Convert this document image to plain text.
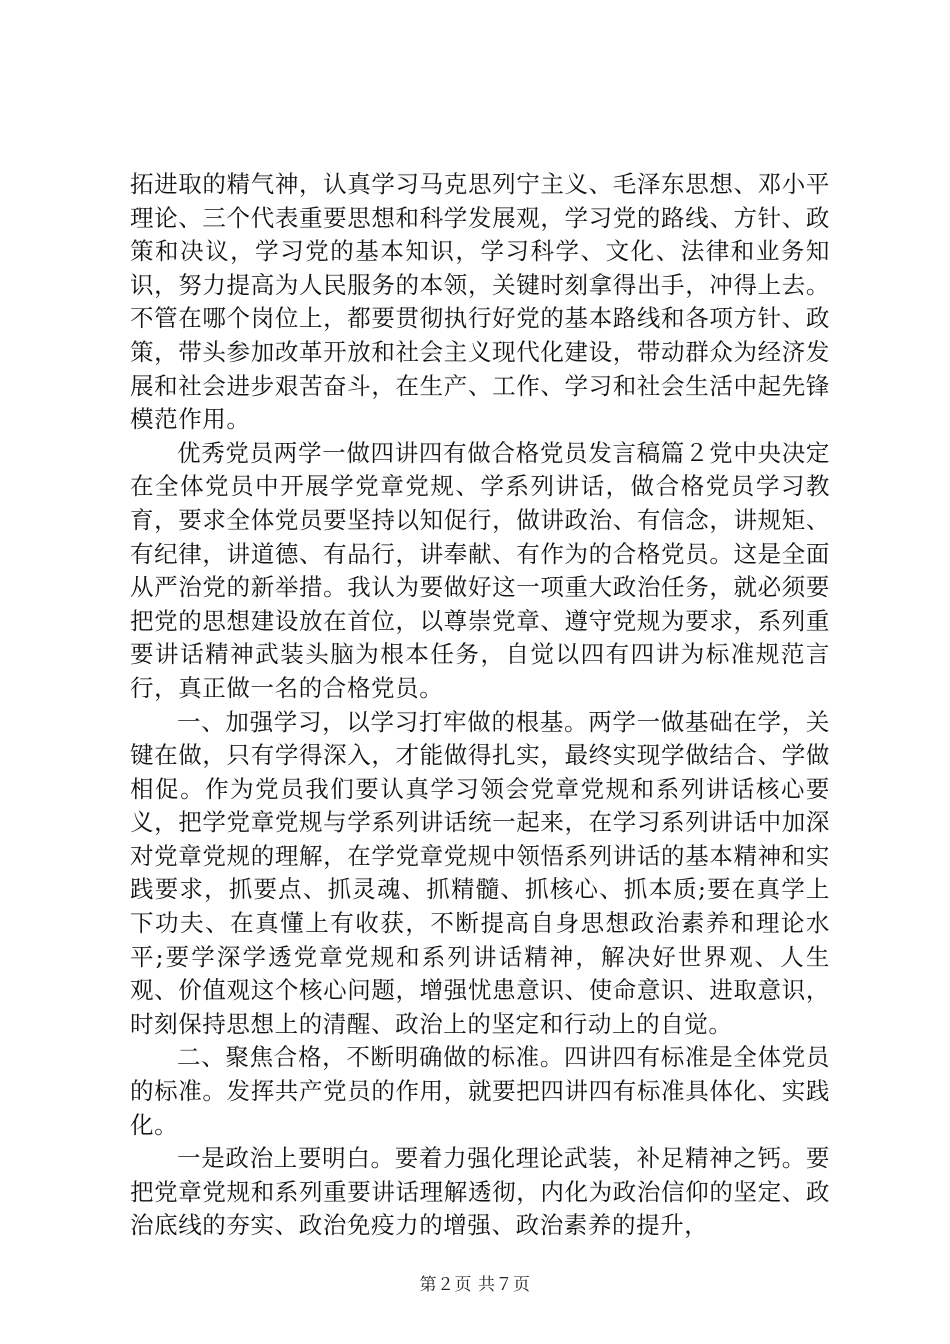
拓进取的精气神，认真学习马克思列宁主义、毛泽东思想、邓小平理论、三个代表重要思想和科学发展观，学习党的路线、方针、政策和决议，学习党的基本知识，学习科学、文化、法律和业务知识，努力提高为人民服务的本领，关键时刻拿得出手，冲得上去。不管在哪个岗位上，都要贯彻执行好党的基本路线和各项方针、政策，带头参加改革开放和社会主义现代化建设，带动群众为经济发展和社会进步艰苦奋斗，在生产、工作、学习和社会生活中起先锋模范作用。

优秀党员两学一做四讲四有做合格党员发言稿篇２党中央决定在全体党员中开展学党章党规、学系列讲话，做合格党员学习教育，要求全体党员要坚持以知促行，做讲政治、有信念，讲规矩、有纪律，讲道德、有品行，讲奉献、有作为的合格党员。这是全面从严治党的新举措。我认为要做好这一项重大政治任务，就必须要把党的思想建设放在首位，以尊崇党章、遵守党规为要求，系列重要讲话精神武装头脑为根本任务，自觉以四有四讲为标准规范言行，真正做一名的合格党员。

一、加强学习，以学习打牢做的根基。两学一做基础在学，关键在做，只有学得深入，才能做得扎实，最终实现学做结合、学做相促。作为党员我们要认真学习领会党章党规和系列讲话核心要义，把学党章党规与学系列讲话统一起来，在学习系列讲话中加深对党章党规的理解，在学党章党规中领悟系列讲话的基本精神和实践要求，抓要点、抓灵魂、抓精髓、抓核心、抓本质;要在真学上下功夫、在真懂上有收获，不断提高自身思想政治素养和理论水平;要学深学透党章党规和系列讲话精神，解决好世界观、人生观、价值观这个核心问题，增强忧患意识、使命意识、进取意识，时刻保持思想上的清醒、政治上的坚定和行动上的自觉。

二、聚焦合格，不断明确做的标准。四讲四有标准是全体党员的标准。发挥共产党员的作用，就要把四讲四有标准具体化、实践化。

一是政治上要明白。要着力强化理论武装，补足精神之钙。要把党章党规和系列重要讲话理解透彻，内化为政治信仰的坚定、政治底线的夯实、政治免疫力的增强、政治素养的提升，

第２页 共７页
